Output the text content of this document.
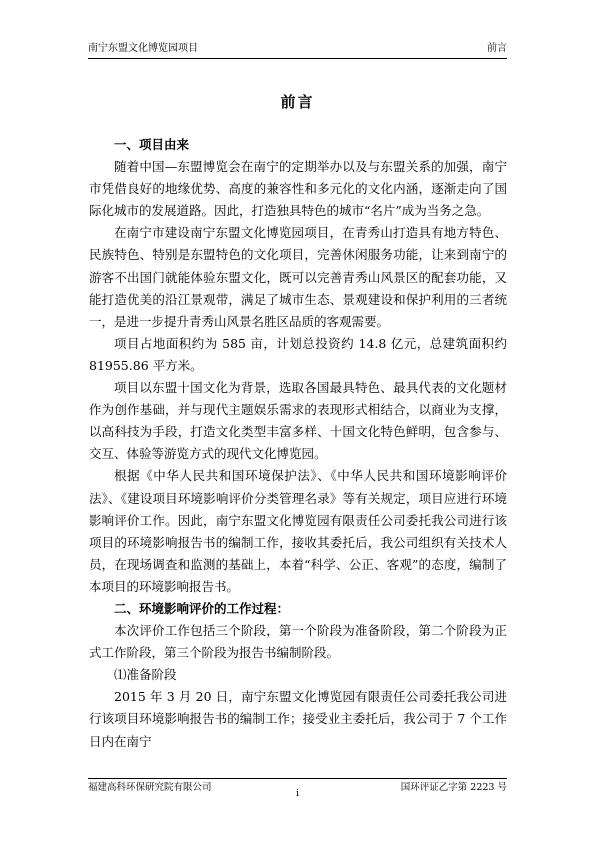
南宁东盟文化博览园项目	前言
前言

一、项目由来

随着中国—东盟博览会在南宁的定期举办以及与东盟关系的加强，南宁市凭借良好的地缘优势、高度的兼容性和多元化的文化内涵，逐渐走向了国际化城市的发展道路。因此，打造独具特色的城市“名片”成为当务之急。

在南宁市建设南宁东盟文化博览园项目，在青秀山打造具有地方特色、民族特色、特别是东盟特色的文化项目，完善休闲服务功能，让来到南宁的游客不出国门就能体验东盟文化，既可以完善青秀山风景区的配套功能，又能打造优美的沿江景观带，满足了城市生态、景观建设和保护利用的三者统一，是进一步提升青秀山风景名胜区品质的客观需要。

项目占地面积约为 585 亩，计划总投资约 14.8 亿元，总建筑面积约 81955.86 平方米。

项目以东盟十国文化为背景，选取各国最具特色、最具代表的文化题材作为创作基础，并与现代主题娱乐需求的表现形式相结合，以商业为支撑，以高科技为手段，打造文化类型丰富多样、十国文化特色鲜明，包含参与、交互、体验等游览方式的现代文化博览园。

根据《中华人民共和国环境保护法》、《中华人民共和国环境影响评价法》、《建设项目环境影响评价分类管理名录》等有关规定，项目应进行环境影响评价工作。因此，南宁东盟文化博览园有限责任公司委托我公司进行该项目的环境影响报告书的编制工作，接收其委托后，我公司组织有关技术人员，在现场调查和监测的基础上，本着“科学、公正、客观”的态度，编制了本项目的环境影响报告书。

二、环境影响评价的工作过程：

本次评价工作包括三个阶段，第一个阶段为准备阶段，第二个阶段为正式工作阶段，第三个阶段为报告书编制阶段。

⑴准备阶段

2015 年 3 月 20 日，南宁东盟文化博览园有限责任公司委托我公司进行该项目环境影响报告书的编制工作；接受业主委托后，我公司于 7 个工作日内在南宁

福建高科环保研究院有限公司
i
国环评证乙字第 2223 号
